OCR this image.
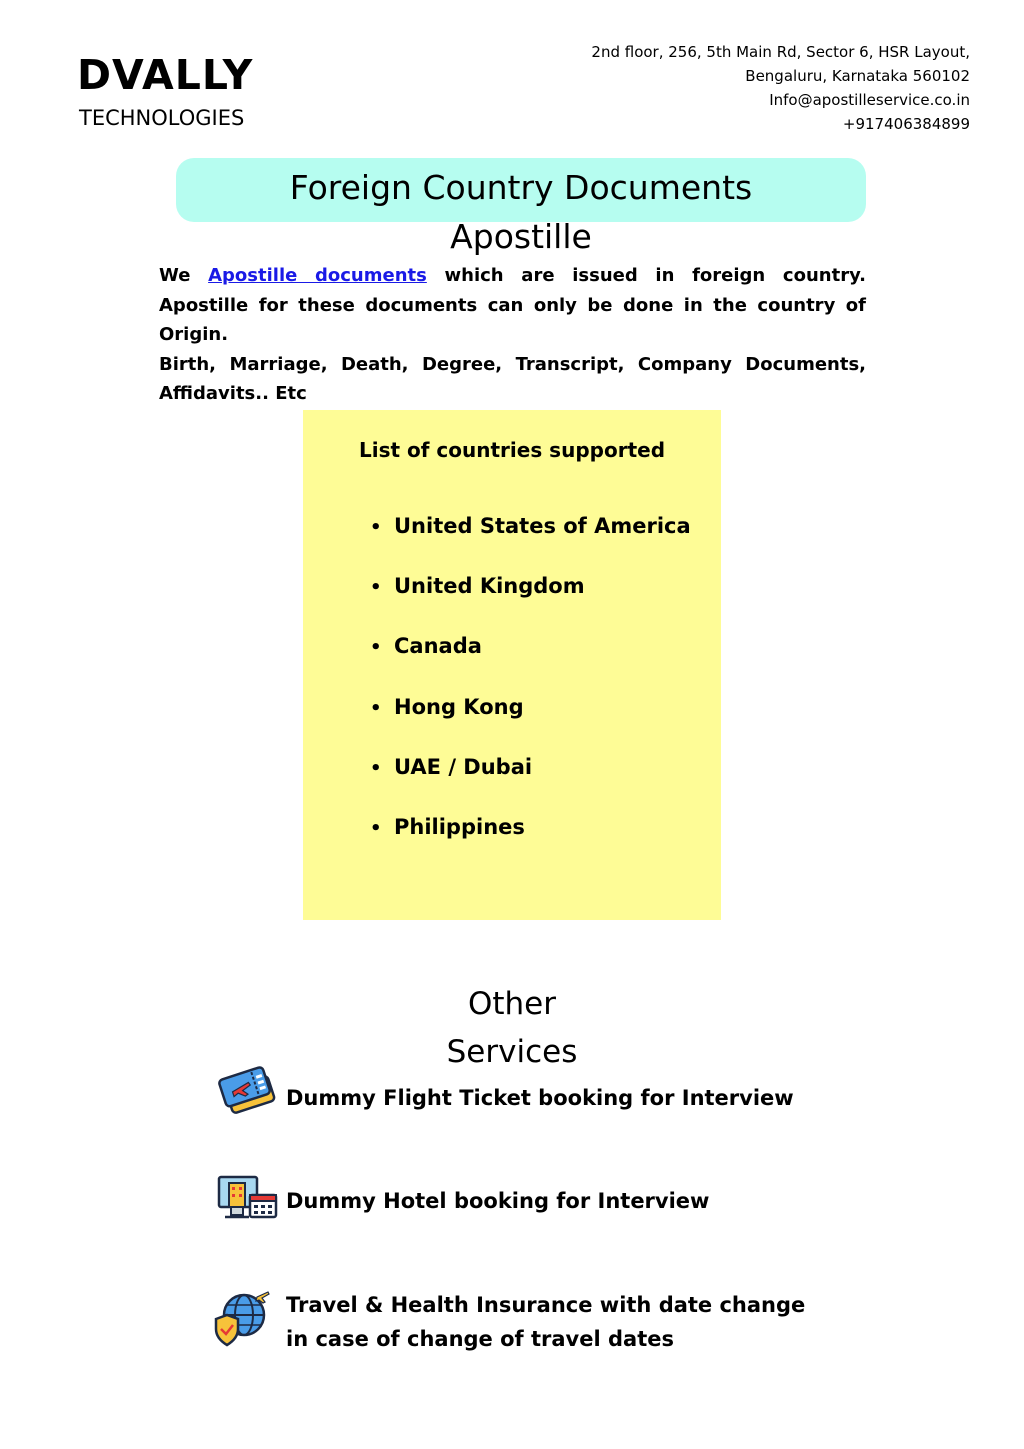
DVALLY
TECHNOLOGIES
2nd floor, 256, 5th Main Rd, Sector 6, HSR Layout,
Bengaluru, Karnataka 560102
Info@apostilleservice.co.in
+917406384899
Foreign Country Documents
Apostille

We Apostille documents which are issued in foreign country. Apostille for these documents can only be done in the country of Origin.

Birth, Marriage, Death, Degree, Transcript, Company Documents, Affidavits.. Etc

List of countries supported
• United States of America
• United Kingdom
• Canada
• Hong Kong
• UAE / Dubai
• Philippines
Other
Services
Dummy Flight Ticket booking for Interview
Dummy Hotel booking for Interview
Travel & Health Insurance with date change
in case of change of travel dates
